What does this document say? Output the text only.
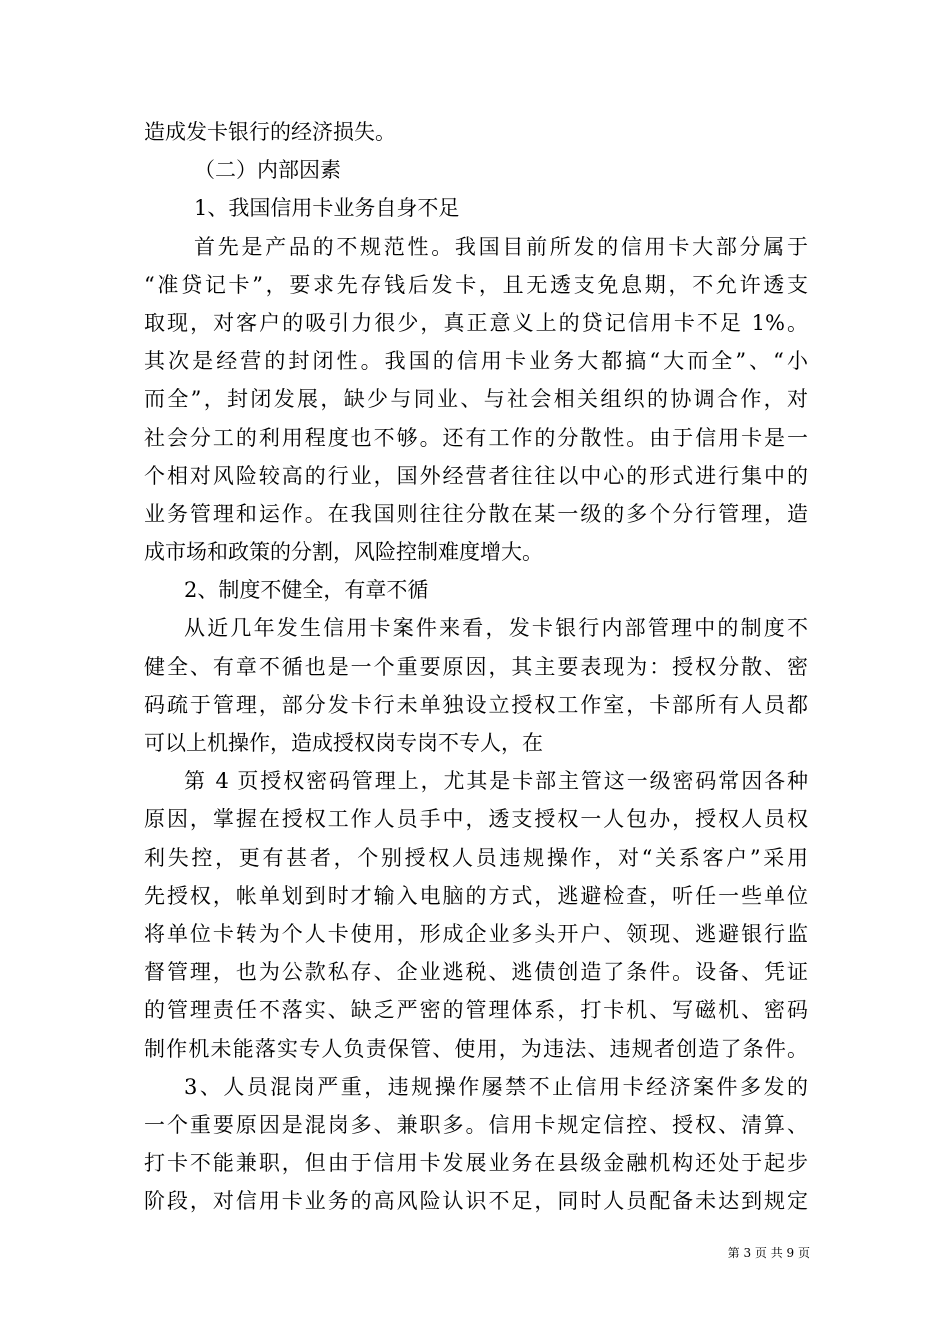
造成发卡银行的经济损失。
（二）内部因素
1、我国信用卡业务自身不足
首先是产品的不规范性。我国目前所发的信用卡大部分属于
“准贷记卡”，要求先存钱后发卡，且无透支免息期，不允许透支
取现，对客户的吸引力很少，真正意义上的贷记信用卡不足 1%。
其次是经营的封闭性。我国的信用卡业务大都搞“大而全”、“小
而全”，封闭发展，缺少与同业、与社会相关组织的协调合作，对
社会分工的利用程度也不够。还有工作的分散性。由于信用卡是一
个相对风险较高的行业，国外经营者往往以中心的形式进行集中的
业务管理和运作。在我国则往往分散在某一级的多个分行管理，造
成市场和政策的分割，风险控制难度增大。
2、制度不健全，有章不循
从近几年发生信用卡案件来看，发卡银行内部管理中的制度不
健全、有章不循也是一个重要原因，其主要表现为：授权分散、密
码疏于管理，部分发卡行未单独设立授权工作室，卡部所有人员都
可以上机操作，造成授权岗专岗不专人，在
第 4 页授权密码管理上，尤其是卡部主管这一级密码常因各种
原因，掌握在授权工作人员手中，透支授权一人包办，授权人员权
利失控，更有甚者，个别授权人员违规操作，对“关系客户”采用
先授权，帐单划到时才输入电脑的方式，逃避检查，听任一些单位
将单位卡转为个人卡使用，形成企业多头开户、领现、逃避银行监
督管理，也为公款私存、企业逃税、逃债创造了条件。设备、凭证
的管理责任不落实、缺乏严密的管理体系，打卡机、写磁机、密码
制作机未能落实专人负责保管、使用，为违法、违规者创造了条件。
3、人员混岗严重，违规操作屡禁不止信用卡经济案件多发的
一个重要原因是混岗多、兼职多。信用卡规定信控、授权、清算、
打卡不能兼职，但由于信用卡发展业务在县级金融机构还处于起步
阶段，对信用卡业务的高风险认识不足，同时人员配备未达到规定
第 3 页 共 9 页
